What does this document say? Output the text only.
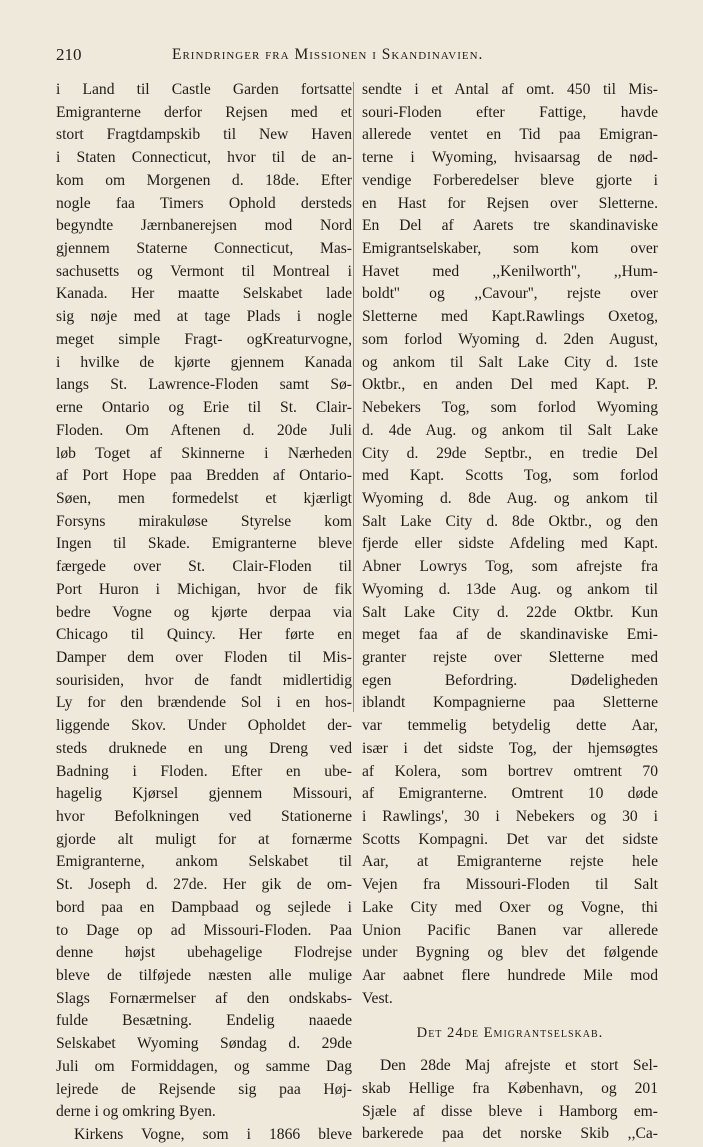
210	Erindringer fra Missionen i Skandinavien.
i Land til Castle Garden fortsatte
Emigranterne derfor Rejsen med et
stort Fragtdampskib til New Haven
i Staten Connecticut, hvor til de an-
kom om Morgenen d. 18de. Efter
nogle faa Timers Ophold dersteds
begyndte Jærnbanerejsen mod Nord
gjennem Staterne Connecticut, Mas-
sachusetts og Vermont til Montreal i
Kanada. Her maatte Selskabet lade
sig nøje med at tage Plads i nogle
meget simple Fragt- ogKreaturvogne,
i hvilke de kjørte gjennem Kanada
langs St. Lawrence-Floden samt Sø-
erne Ontario og Erie til St. Clair-
Floden. Om Aftenen d. 20de Juli
løb Toget af Skinnerne i Nærheden
af Port Hope paa Bredden af Ontario-
Søen, men formedelst et kjærligt
Forsyns mirakuløse Styrelse kom
Ingen til Skade. Emigranterne bleve
færgede over St. Clair-Floden til
Port Huron i Michigan, hvor de fik
bedre Vogne og kjørte derpaa via
Chicago til Quincy. Her førte en
Damper dem over Floden til Mis-
sourisiden, hvor de fandt midlertidig
Ly for den brændende Sol i en hos-
liggende Skov. Under Opholdet der-
steds druknede en ung Dreng ved
Badning i Floden. Efter en ube-
hagelig Kjørsel gjennem Missouri,
hvor Befolkningen ved Stationerne
gjorde alt muligt for at fornærme
Emigranterne, ankom Selskabet til
St. Joseph d. 27de. Her gik de om-
bord paa en Dampbaad og sejlede i
to Dage op ad Missouri-Floden. Paa
denne højst ubehagelige Flodrejse
bleve de tilføjede næsten alle mulige
Slags Fornærmelser af den ondskabs-
fulde Besætning. Endelig naaede
Selskabet Wyoming Søndag d. 29de
Juli om Formiddagen, og samme Dag
lejrede de Rejsende sig paa Høj-
derne i og omkring Byen.
Kirkens Vogne, som i 1866 bleve
sendte i et Antal af omt. 450 til Mis-
souri-Floden efter Fattige, havde
allerede ventet en Tid paa Emigran-
terne i Wyoming, hvisaarsag de nød-
vendige Forberedelser bleve gjorte i
en Hast for Rejsen over Sletterne.
En Del af Aarets tre skandinaviske
Emigrantselskaber, som kom over
Havet med ,,Kenilworth'', ,,Hum-
boldt'' og ,,Cavour'', rejste over
Sletterne med Kapt.Rawlings Oxetog,
som forlod Wyoming d. 2den August,
og ankom til Salt Lake City d. 1ste
Oktbr., en anden Del med Kapt. P.
Nebekers Tog, som forlod Wyoming
d. 4de Aug. og ankom til Salt Lake
City d. 29de Septbr., en tredie Del
med Kapt. Scotts Tog, som forlod
Wyoming d. 8de Aug. og ankom til
Salt Lake City d. 8de Oktbr., og den
fjerde eller sidste Afdeling med Kapt.
Abner Lowrys Tog, som afrejste fra
Wyoming d. 13de Aug. og ankom til
Salt Lake City d. 22de Oktbr. Kun
meget faa af de skandinaviske Emi-
granter rejste over Sletterne med
egen Befordring. Dødeligheden
iblandt Kompagnierne paa Sletterne
var temmelig betydelig dette Aar,
især i det sidste Tog, der hjemsøgtes
af Kolera, som bortrev omtrent 70
af Emigranterne. Omtrent 10 døde
i Rawlings', 30 i Nebekers og 30 i
Scotts Kompagni. Det var det sidste
Aar, at Emigranterne rejste hele
Vejen fra Missouri-Floden til Salt
Lake City med Oxer og Vogne, thi
Union Pacific Banen var allerede
under Bygning og blev det følgende
Aar aabnet flere hundrede Mile mod
Vest.
Det 24de Emigrantselskab.
Den 28de Maj afrejste et stort Sel-
skab Hellige fra København, og 201
Sjæle af disse bleve i Hamborg em-
barkerede paa det norske Skib ,,Ca-
